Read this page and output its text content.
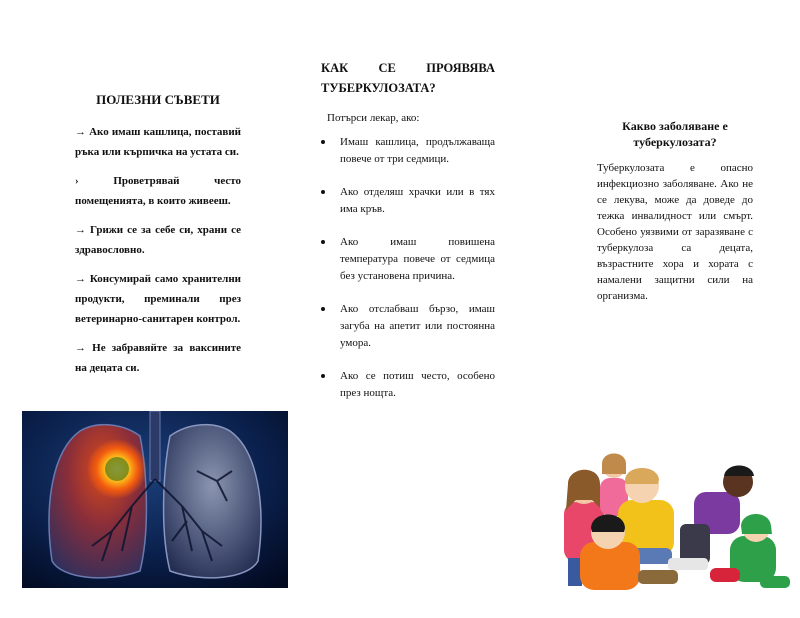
ПОЛЕЗНИ СЪВЕТИ

→ Ако имаш кашлица, поставий ръка или кърпичка на устата си.

› Проветрявай често помещенията, в които живееш.

→ Грижи се за себе си, храни се здравословно.

→ Консумирай само хранителни продукти, преминали през ветеринарно-санитарен контрол.

→ Не забравяйте за ваксините на децата си.

КАК СЕ ПРОЯВЯВА ТУБЕРКУЛОЗАТА?
Потърси лекар, ако:
Имаш кашлица, продължаваща повече от три седмици.
Ако отделяш храчки или в тях има кръв.
Ако имаш повишена температура повече от седмица без установена причина.
Ако отслабваш бързо, имаш загуба на апетит или постоянна умора.
Ако се потиш често, особено през нощта.
Какво заболяване е туберкулозата?

Туберкулозата е опасно инфекциозно заболяване. Ако не се лекува, може да доведе до тежка инвалидност или смърт. Особено уязвими от заразяване с туберкулоза са децата, възрастните хора и хората с намалени защитни сили на организма.
